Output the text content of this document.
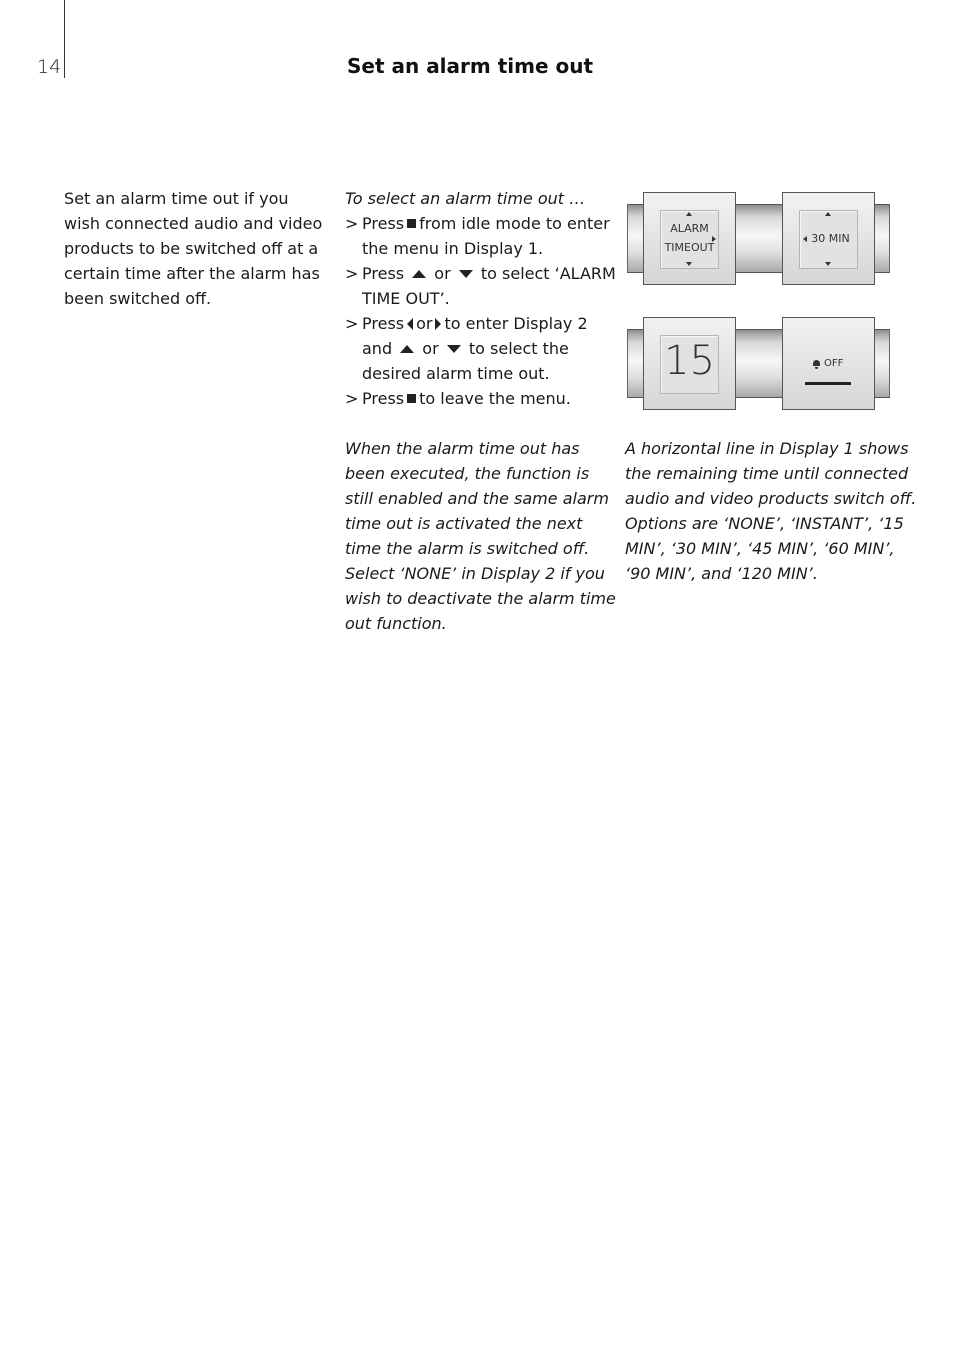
14	Set an alarm time out

Set an alarm time out if you wish connected audio and video products to be switched off at a certain time after the alarm has been switched off.

To select an alarm time out …
> Press from idle mode to enter the menu in Display 1.
> Press or to select ‘ALARM TIME OUT’.
> Press or to enter Display 2 and or to select the desired alarm time out.
> Press to leave the menu.

When the alarm time out has been executed, the function is still enabled and the same alarm time out is activated the next time the alarm is switched off. Select ‘NONE’ in Display 2 if you wish to deactivate the alarm time out function.

A horizontal line in Display 1 shows the remaining time until connected audio and video products switch off. Options are ‘NONE’, ‘INSTANT’, ‘15 MIN’, ‘30 MIN’, ‘45 MIN’, ‘60 MIN’, ‘90 MIN’, and ‘120 MIN’.

ALARM
TIMEOUT
30 MIN
15	OFF
